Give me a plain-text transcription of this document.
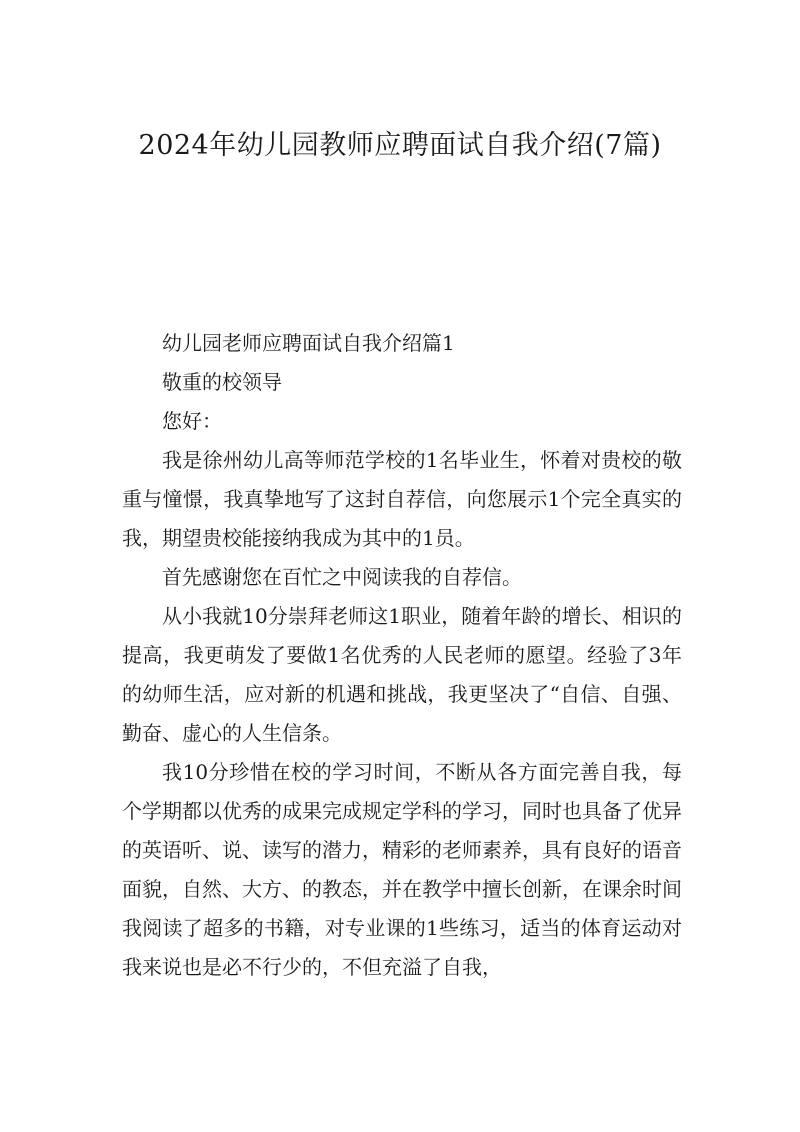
2024年幼儿园教师应聘面试自我介绍(7篇)

幼儿园老师应聘面试自我介绍篇1

敬重的校领导

您好：

我是徐州幼儿高等师范学校的1名毕业生，怀着对贵校的敬重与憧憬，我真挚地写了这封自荐信，向您展示1个完全真实的我，期望贵校能接纳我成为其中的1员。

首先感谢您在百忙之中阅读我的自荐信。

从小我就10分崇拜老师这1职业，随着年龄的增长、相识的提高，我更萌发了要做1名优秀的人民老师的愿望。经验了3年的幼师生活，应对新的机遇和挑战，我更坚决了“自信、自强、勤奋、虚心的人生信条。

我10分珍惜在校的学习时间，不断从各方面完善自我，每个学期都以优秀的成果完成规定学科的学习，同时也具备了优异的英语听、说、读写的潜力，精彩的老师素养，具有良好的语音面貌，自然、大方、的教态，并在教学中擅长创新，在课余时间我阅读了超多的书籍，对专业课的1些练习，适当的体育运动对我来说也是必不行少的，不但充溢了自我，
